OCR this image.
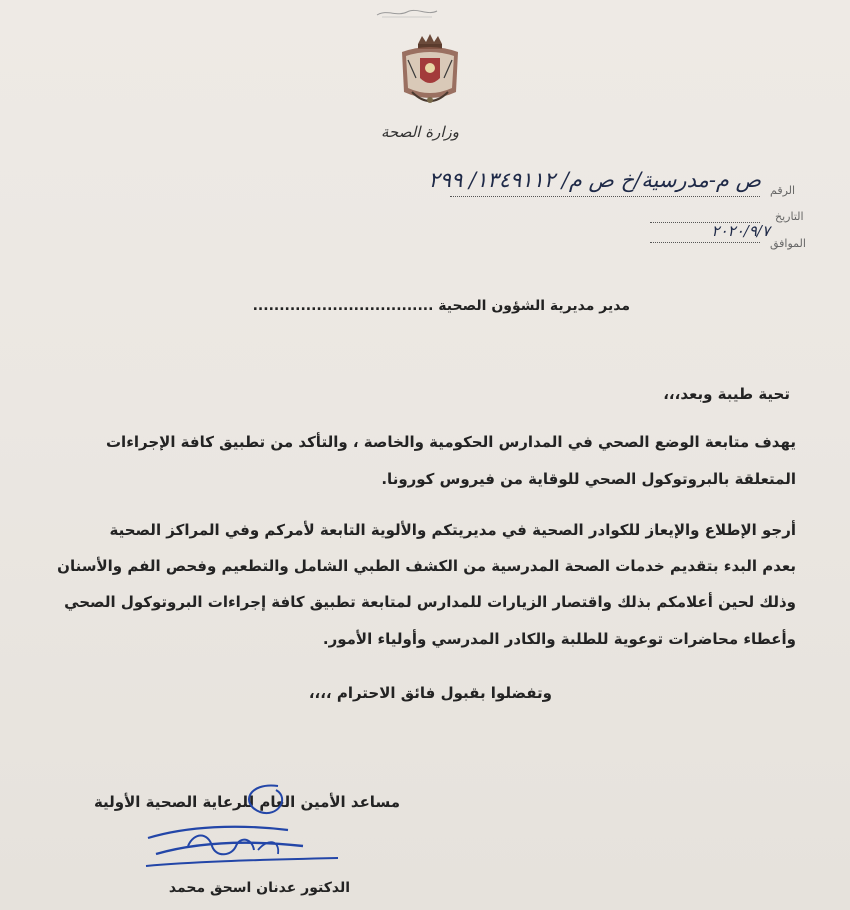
وزارة الصحة
الرقم
التاريخ
الموافق
ص م-مدرسية/خ ص م/ ١٣٤٩١١٢/ ٢٩٩
٢٠٢٠/٩/٧
مدير مديرية الشؤون الصحية ..................................
تحية طيبة وبعد،،،
يهدف متابعة الوضع الصحي في المدارس الحكومية والخاصة ، والتأكد من تطبيق كافة الإجراءات
المتعلقة بالبروتوكول الصحي للوقاية من فيروس كورونا.
أرجو الإطلاع والإيعاز للكوادر الصحية في مديريتكم والألوية التابعة لأمركم وفي المراكز الصحية
بعدم البدء بتقديم خدمات الصحة المدرسية من الكشف الطبي الشامل والتطعيم وفحص الفم والأسنان
وذلك لحين أعلامكم بذلك واقتصار الزيارات للمدارس لمتابعة تطبيق كافة إجراءات البروتوكول الصحي
وأعطاء محاضرات توعوية للطلبة والكادر المدرسي وأولياء الأمور.
وتفضلوا بقبول فائق الاحترام ،،،،
مساعد الأمين العام للرعاية الصحية الأولية
الدكتور عدنان اسحق محمد
